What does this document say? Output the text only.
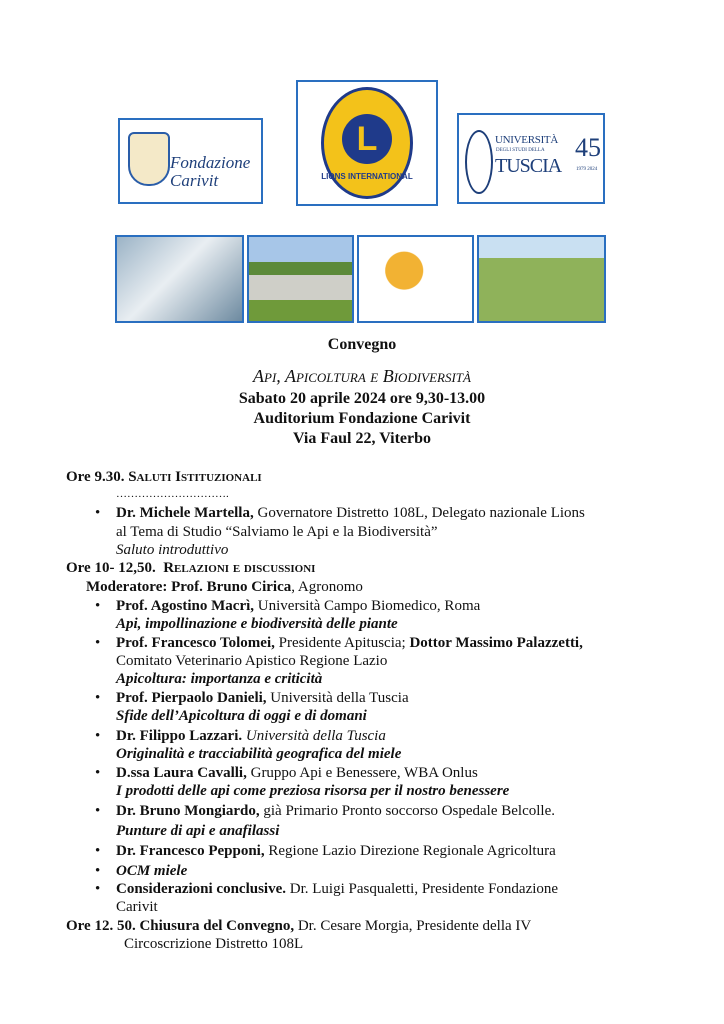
Fondazione Carivit
L
LIONS INTERNATIONAL
UNIVERSITÀ
DEGLI STUDI DELLA
TUSCIA
45
1979 2024
Convegno
Api, Apicoltura e Biodiversità
Sabato 20 aprile 2024 ore 9,30-13.00
Auditorium Fondazione Carivit
Via Faul 22, Viterbo
Ore 9.30. Saluti Istituzionali
………………………….
• Dr. Michele Martella, Governatore Distretto 108L, Delegato nazionale Lions
al Tema di Studio “Salviamo le Api e la Biodiversità”
Saluto introduttivo
Ore 10- 12,50. Relazioni e discussioni
Moderatore: Prof. Bruno Cirica, Agronomo
• Prof. Agostino Macrì, Università Campo Biomedico, Roma
Api, impollinazione e biodiversità delle piante
• Prof. Francesco Tolomei, Presidente Apituscia; Dottor Massimo Palazzetti,
Comitato Veterinario Apistico Regione Lazio
Apicoltura: importanza e criticità
• Prof. Pierpaolo Danieli, Università della Tuscia
Sfide dell’Apicoltura di oggi e di domani
• Dr. Filippo Lazzari. Università della Tuscia
Originalità e tracciabilità geografica del miele
• D.ssa Laura Cavalli, Gruppo Api e Benessere, WBA Onlus
I prodotti delle api come preziosa risorsa per il nostro benessere
• Dr. Bruno Mongiardo, già Primario Pronto soccorso Ospedale Belcolle.
Punture di api e anafilassi
• Dr. Francesco Pepponi, Regione Lazio Direzione Regionale Agricoltura
• OCM miele
• Considerazioni conclusive. Dr. Luigi Pasqualetti, Presidente Fondazione
Carivit
Ore 12. 50. Chiusura del Convegno, Dr. Cesare Morgia, Presidente della IV
Circoscrizione Distretto 108L
